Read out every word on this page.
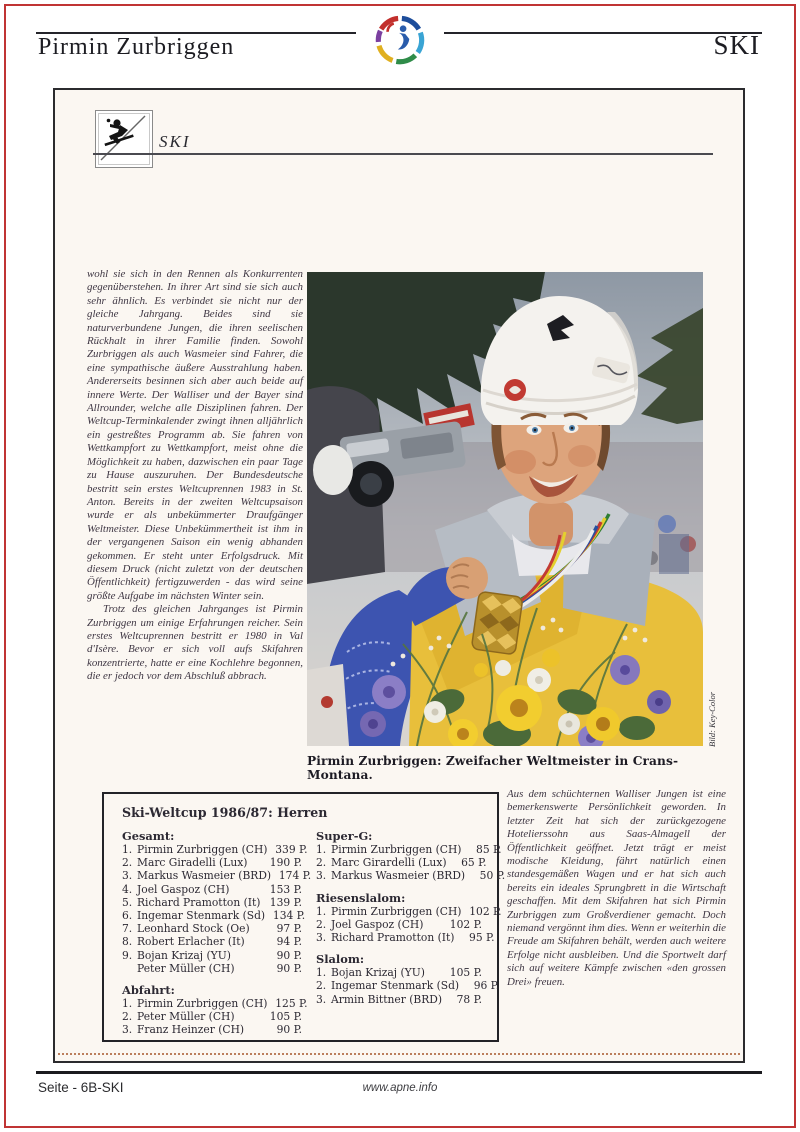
Pirmin Zurbriggen	SKI
SKI

wohl sie sich in den Rennen als Konkurrenten gegenüberstehen. In ihrer Art sind sie sich auch sehr ähnlich. Es verbindet sie nicht nur der gleiche Jahrgang. Beides sind sie naturverbundene Jungen, die ihren seelischen Rückhalt in ihrer Familie finden. Sowohl Zurbriggen als auch Wasmeier sind Fahrer, die eine sympathische äußere Ausstrahlung haben. Andererseits besinnen sich aber auch beide auf innere Werte. Der Walliser und der Bayer sind Allrounder, welche alle Disziplinen fahren. Der Weltcup-Terminkalender zwingt ihnen alljährlich ein gestreßtes Programm ab. Sie fahren von Wettkampfort zu Wettkampfort, meist ohne die Möglichkeit zu haben, dazwischen ein paar Tage zu Hause auszuruhen. Der Bundesdeutsche bestritt sein erstes Weltcuprennen 1983 in St. Anton. Bereits in der zweiten Weltcupsaison wurde er als unbekümmerter Draufgänger Weltmeister. Diese Unbekümmertheit ist ihm in der vergangenen Saison ein wenig abhanden gekommen. Er steht unter Erfolgsdruck. Mit diesem Druck (nicht zuletzt von der deutschen Öffentlichkeit) fertigzuwerden - das wird seine größte Aufgabe im nächsten Winter sein.

Trotz des gleichen Jahrganges ist Pirmin Zurbriggen um einige Erfahrungen reicher. Sein erstes Weltcuprennen bestritt er 1980 in Val d'Isère. Bevor er sich voll aufs Skifahren konzentrierte, hatte er eine Kochlehre begonnen, die er jedoch vor dem Abschluß abbrach.

Bild: Key-Color
Pirmin Zurbriggen: Zweifacher Weltmeister in Crans-Montana.
Ski-Weltcup 1986/87: Herren
Gesamt:
1. Pirmin Zurbriggen (CH) 339 P.
2. Marc Giradelli (Lux)	190 P.
3. Markus Wasmeier (BRD) 174 P.
4. Joel Gaspoz (CH)	153 P.
5. Richard Pramotton (It) 139 P.
6. Ingemar Stenmark (Sd) 134 P.
7. Leonhard Stock (Oe)	97 P.
8. Robert Erlacher (It)	94 P.
9. Bojan Krizaj (YU)	90 P.
Peter Müller (CH)	90 P.
Abfahrt:
1. Pirmin Zurbriggen (CH) 125 P.
2. Peter Müller (CH)	105 P.
3. Franz Heinzer (CH)	90 P.
Super-G:
1. Pirmin Zurbriggen (CH)	85 P.
2. Marc Girardelli (Lux)	65 P.
3. Markus Wasmeier (BRD)	50 P.
Riesenslalom:
1. Pirmin Zurbriggen (CH) 102 P.
2. Joel Gaspoz (CH)	102 P.
3. Richard Pramotton (It)	95 P.
Slalom:
1. Bojan Krizaj (YU)	105 P.
2. Ingemar Stenmark (Sd)	96 P.
3. Armin Bittner (BRD)	78 P.

Aus dem schüchternen Walliser Jungen ist eine bemerkenswerte Persönlichkeit geworden. In letzter Zeit hat sich der zurückgezogene Hotelierssohn aus Saas-Almagell der Öffentlichkeit geöffnet. Jetzt trägt er meist modische Kleidung, fährt natürlich einen standesgemäßen Wagen und er hat sich auch bereits ein ideales Sprungbrett in die Wirtschaft geschaffen. Mit dem Skifahren hat sich Pirmin Zurbriggen zum Großverdiener gemacht. Doch niemand vergönnt ihm dies. Wenn er weiterhin die Freude am Skifahren behält, werden auch weitere Erfolge nicht ausbleiben. Und die Sportwelt darf sich auf weitere Kämpfe zwischen «den grossen Drei» freuen.

Seite - 6B-SKI	www.apne.info
